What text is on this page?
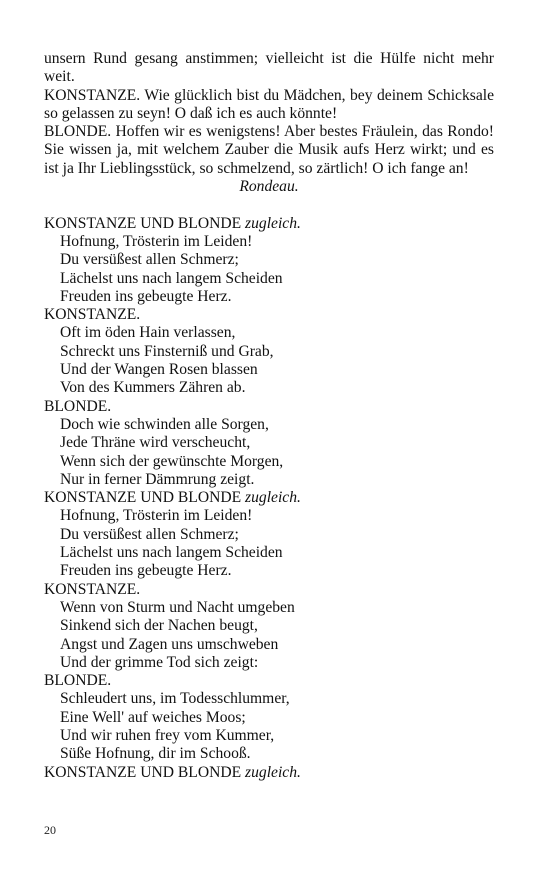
unsern Rund gesang anstimmen; vielleicht ist die Hülfe nicht mehr weit.

KONSTANZE. Wie glücklich bist du Mädchen, bey deinem Schicksale so gelassen zu seyn! O daß ich es auch könnte!

BLONDE. Hoffen wir es wenigstens! Aber bestes Fräulein, das Rondo! Sie wissen ja, mit welchem Zauber die Musik aufs Herz wirkt; und es ist ja Ihr Lieblingsstück, so schmelzend, so zärtlich! O ich fange an!

Rondeau.

KONSTANZE UND BLONDE zugleich.
Hofnung, Trösterin im Leiden!
Du versüßest allen Schmerz;
Lächelst uns nach langem Scheiden
Freuden ins gebeugte Herz.
KONSTANZE.
Oft im öden Hain verlassen,
Schreckt uns Finsterniß und Grab,
Und der Wangen Rosen blassen
Von des Kummers Zähren ab.
BLONDE.
Doch wie schwinden alle Sorgen,
Jede Thräne wird verscheucht,
Wenn sich der gewünschte Morgen,
Nur in ferner Dämmrung zeigt.
KONSTANZE UND BLONDE zugleich.
Hofnung, Trösterin im Leiden!
Du versüßest allen Schmerz;
Lächelst uns nach langem Scheiden
Freuden ins gebeugte Herz.
KONSTANZE.
Wenn von Sturm und Nacht umgeben
Sinkend sich der Nachen beugt,
Angst und Zagen uns umschweben
Und der grimme Tod sich zeigt:
BLONDE.
Schleudert uns, im Todesschlummer,
Eine Well' auf weiches Moos;
Und wir ruhen frey vom Kummer,
Süße Hofnung, dir im Schooß.
KONSTANZE UND BLONDE zugleich.
20
